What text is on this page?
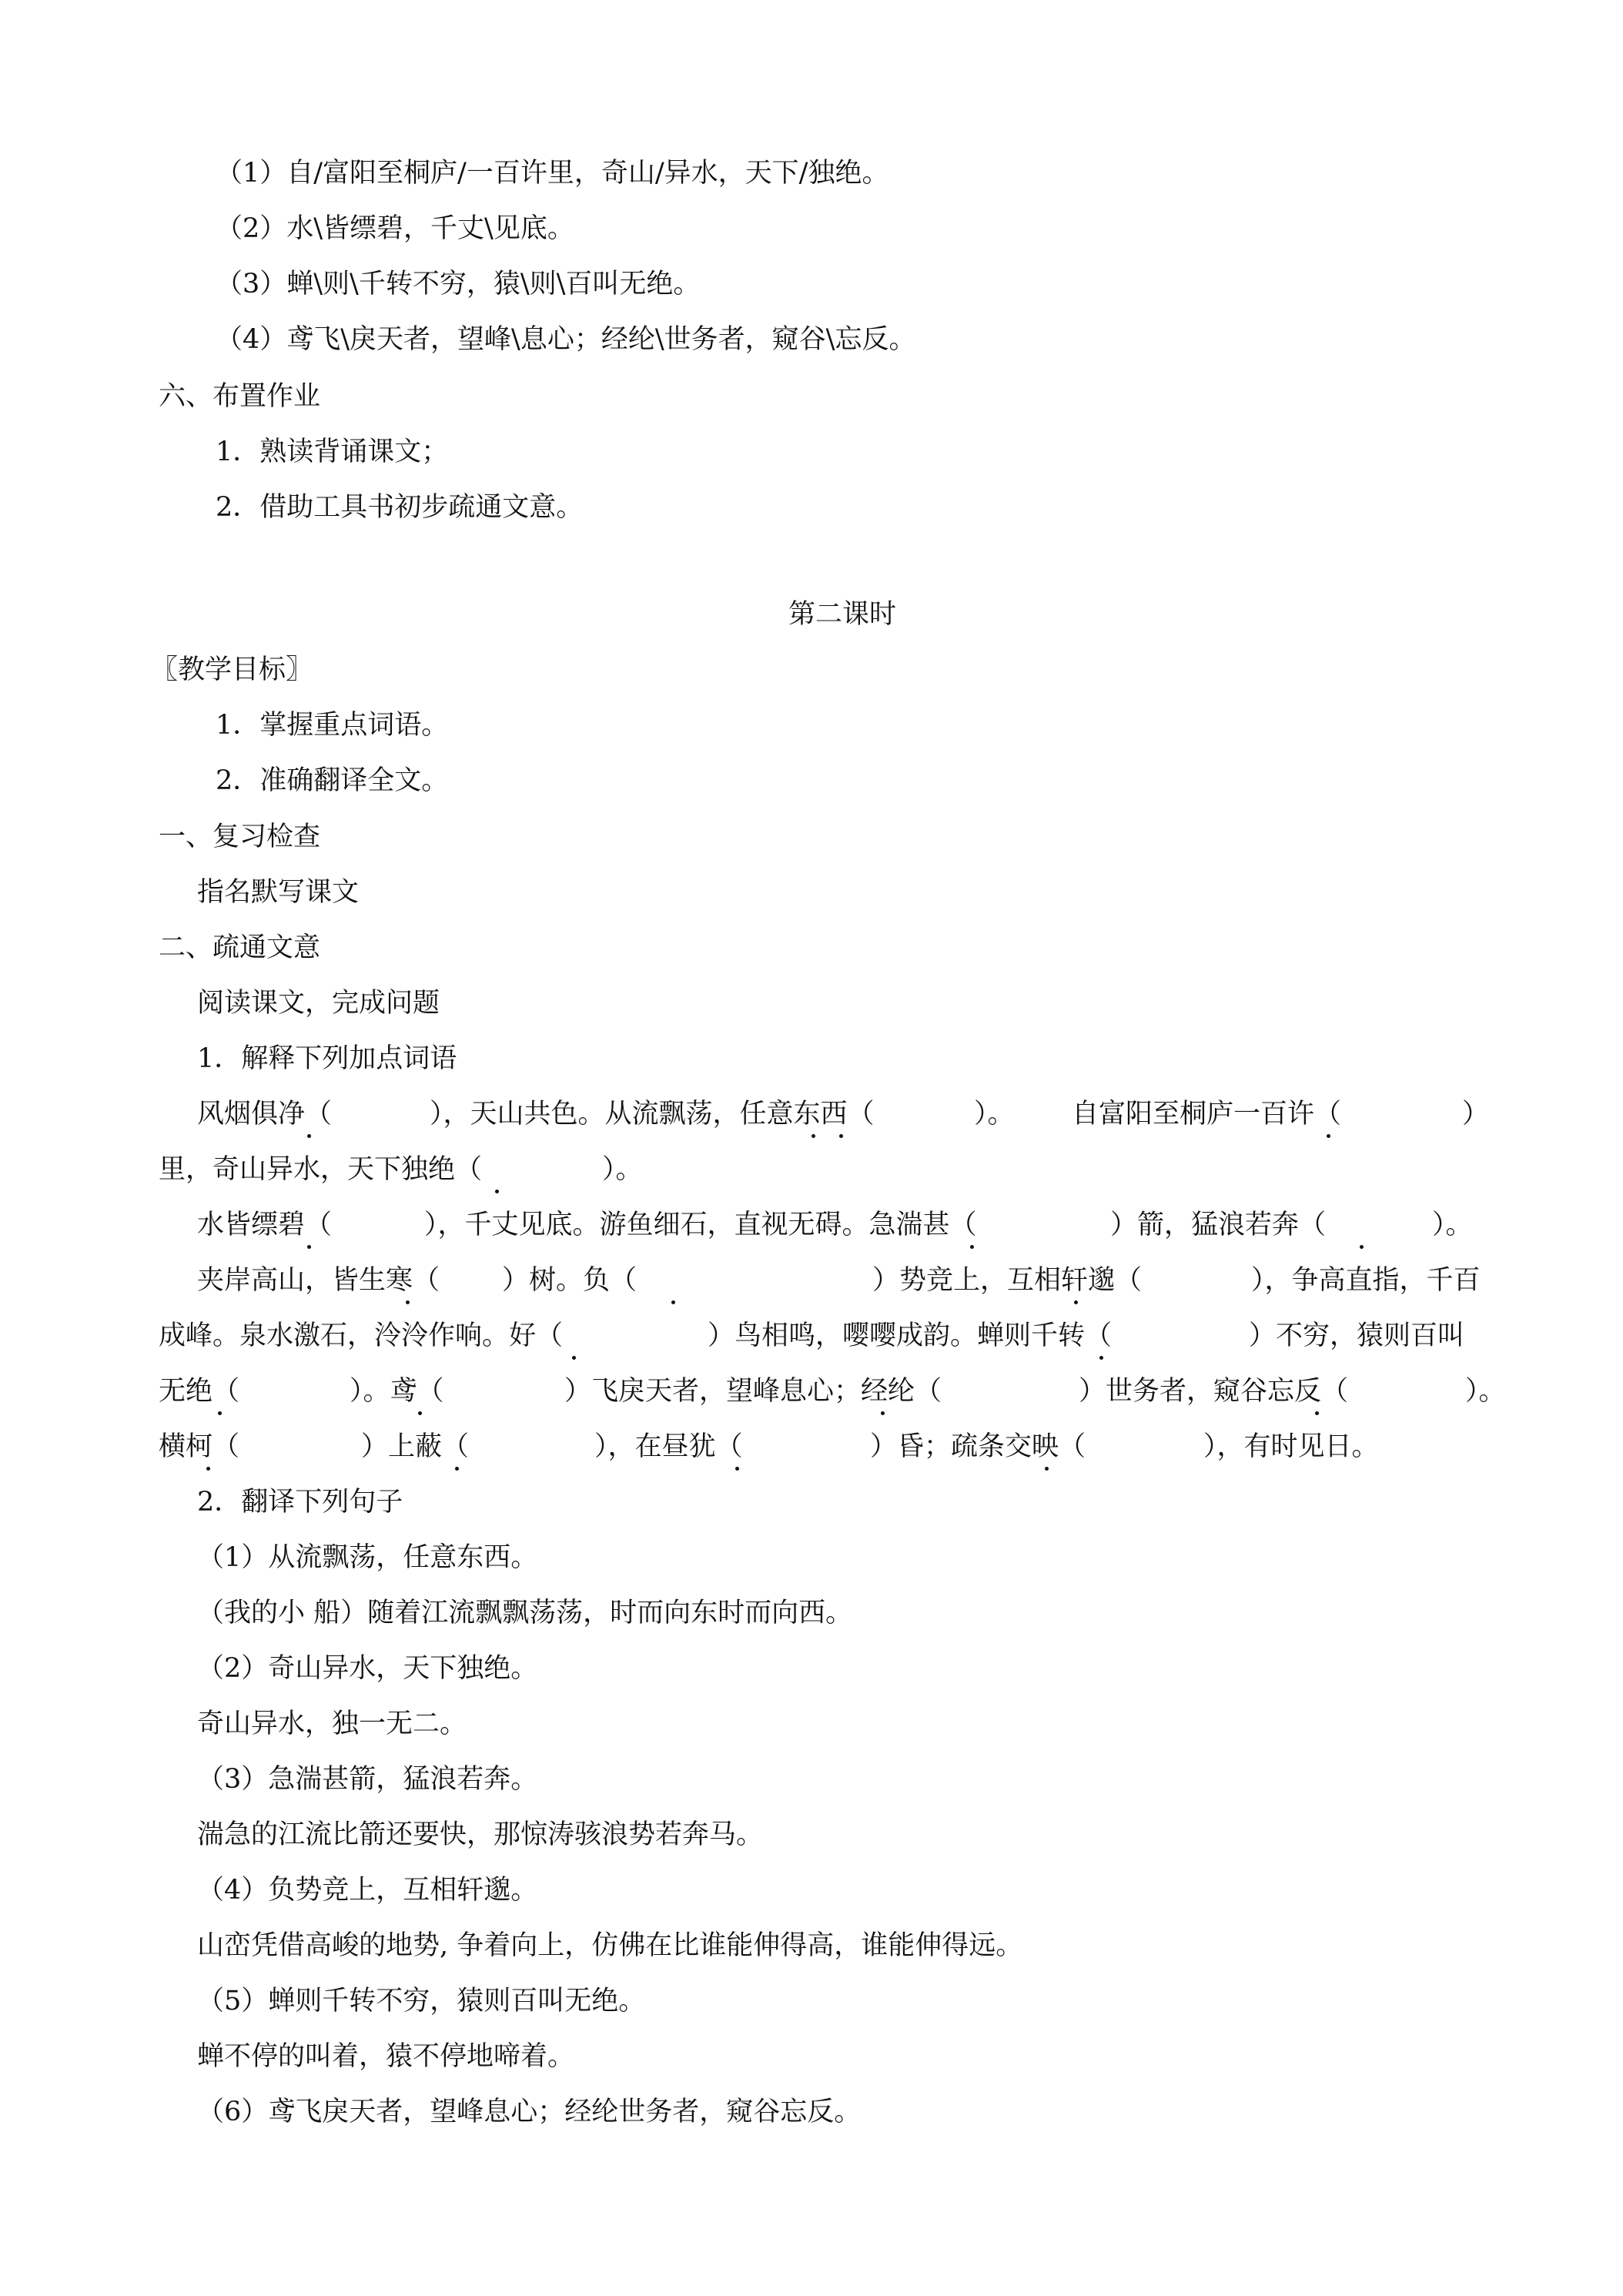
（1）自/富阳至桐庐/一百许里，奇山/异水，天下/独绝。
（2）水\皆缥碧，千丈\见底。
（3）蝉\则\千转不穷，猿\则\百叫无绝。
（4）鸢飞\戾天者，望峰\息心；经纶\世务者，窥谷\忘反。
六、布置作业
1．熟读背诵课文；
2．借助工具书初步疏通文意。
第二课时
〖教学目标〗
1．掌握重点词语。
2．准确翻译全文。
一、复习检查
指名默写课文
二、疏通文意
阅读课文，完成问题
1．解释下列加点词语
风烟俱净（	），天山共色。从流飘荡，任意东西（	）。 自富阳至桐庐一百许（	）
里，奇山异水，天下独绝（	）。
水皆缥碧（	），千丈见底。游鱼细石，直视无碍。急湍甚（	）箭，猛浪若奔（	）。
夹岸高山，皆生寒（ ）树。负（	）势竞上，互相轩邈（	），争高直指，千百
成峰。泉水激石，泠泠作响。好（	）鸟相鸣，嘤嘤成韵。蝉则千转（	）不穷，猿则百叫
无绝（	）。鸢（	）飞戾天者，望峰息心；经纶（	）世务者，窥谷忘反（	）。
横柯（	）上蔽（	），在昼犹（	）昏；疏条交映（	），有时见日。
2．翻译下列句子
（1）从流飘荡，任意东西。
（我的小 船）随着江流飘飘荡荡，时而向东时而向西。
（2）奇山异水，天下独绝。
奇山异水，独一无二。
（3）急湍甚箭，猛浪若奔。
湍急的江流比箭还要快，那惊涛骇浪势若奔马。
（4）负势竞上，互相轩邈。
山峦凭借高峻的地势, 争着向上，仿佛在比谁能伸得高，谁能伸得远。
（5）蝉则千转不穷，猿则百叫无绝。
蝉不停的叫着，猿不停地啼着。
（6）鸢飞戾天者，望峰息心；经纶世务者，窥谷忘反。
